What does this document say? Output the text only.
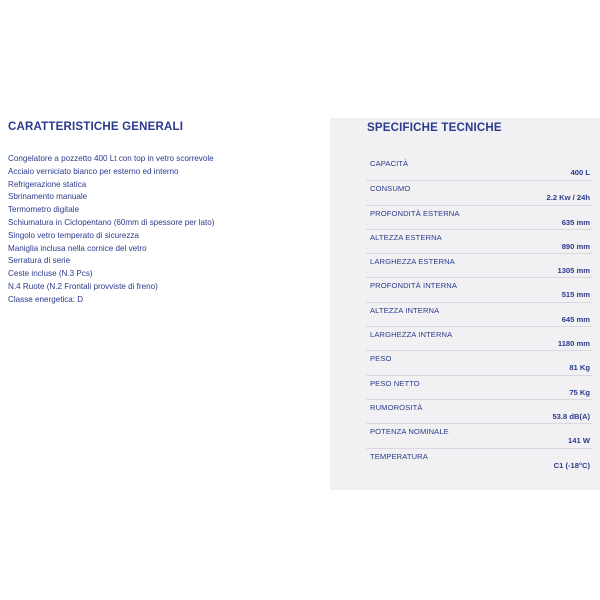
CARATTERISTICHE GENERALI
Congelatore a pozzetto 400 Lt con top in vetro scorrevole
Acciaio verniciato bianco per esterno ed interno
Refrigerazione statica
Sbrinamento manuale
Termometro digitale
Schiumatura in Ciclopentano (60mm di spessore per lato)
Singolo vetro temperato di sicurezza
Maniglia inclusa nella cornice del vetro
Serratura di serie
Ceste incluse (N.3 Pcs)
N.4 Ruote (N.2 Frontali provviste di freno)
Classe energetica: D
SPECIFICHE TECNICHE
CAPACITÀ
400 L
CONSUMO
2.2 Kw / 24h
PROFONDITÀ ESTERNA
635 mm
ALTEZZA ESTERNA
890 mm
LARGHEZZA ESTERNA
1305 mm
PROFONDITÀ INTERNA
515 mm
ALTEZZA INTERNA
645 mm
LARGHEZZA INTERNA
1180 mm
PESO
81 Kg
PESO NETTO
75 Kg
RUMOROSITÀ
53.8 dB(A)
POTENZA NOMINALE
141 W
TEMPERATURA
C1 (-18°C)
